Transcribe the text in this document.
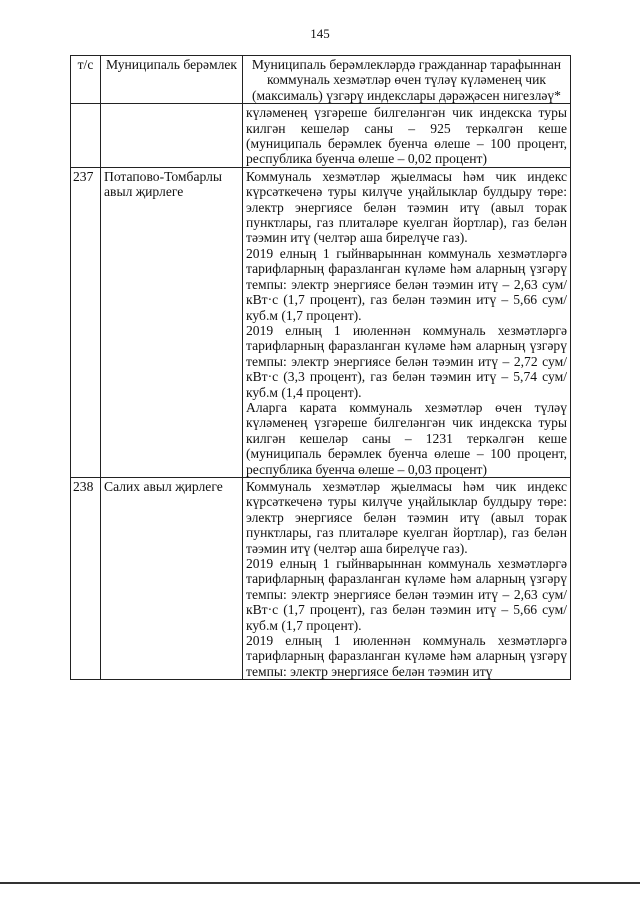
145
т/с	Муниципаль берәмлек	Муниципаль берәмлекләрдә гражданнар тарафыннан коммуналь хезмәтләр өчен түләү күләменең чик (максималь) үзгәрү индекслары дәрәҗәсен нигезләү*

		күләменең үзгәреше билгеләнгән чик индекска туры килгән кешеләр саны – 925 теркәлгән кеше (муниципаль берәмлек буенча өлеше – 100 процент, республика буенча өлеше – 0,02 процент)

237	Потапово-Томбарлы авыл җирлеге	Коммуналь хезмәтләр җыелмасы һәм чик индекс күрсәткеченә туры килүче уңайлыклар булдыру төре: электр энергиясе белән тәэмин итү (авыл торак пунктлары, газ плиталәре куелган йортлар), газ белән тәэмин итү (челтәр аша бирелүче газ).

2019 елның 1 гыйнварыннан коммуналь хезмәтләргә тарифларның фаразланган күләме һәм аларның үзгәрү темпы: электр энергиясе белән тәэмин итү – 2,63 сум/кВт·с (1,7 процент), газ белән тәэмин итү – 5,66 сум/куб.м (1,7 процент).

2019 елның 1 июленнән коммуналь хезмәтләргә тарифларның фаразланган күләме һәм аларның үзгәрү темпы: электр энергиясе белән тәэмин итү – 2,72 сум/кВт·с (3,3 процент), газ белән тәэмин итү – 5,74 сум/куб.м (1,4 процент).

Аларга карата коммуналь хезмәтләр өчен түләү күләменең үзгәреше билгеләнгән чик индекска туры килгән кешеләр саны – 1231 теркәлгән кеше (муниципаль берәмлек буенча өлеше – 100 процент, республика буенча өлеше – 0,03 процент)

238	Салих авыл җирлеге	Коммуналь хезмәтләр җыелмасы һәм чик индекс күрсәткеченә туры килүче уңайлыклар булдыру төре: электр энергиясе белән тәэмин итү (авыл торак пунктлары, газ плиталәре куелган йортлар), газ белән тәэмин итү (челтәр аша бирелүче газ).

2019 елның 1 гыйнварыннан коммуналь хезмәтләргә тарифларның фаразланган күләме һәм аларның үзгәрү темпы: электр энергиясе белән тәэмин итү – 2,63 сум/кВт·с (1,7 процент), газ белән тәэмин итү – 5,66 сум/куб.м (1,7 процент).

2019 елның 1 июленнән коммуналь хезмәтләргә тарифларның фаразланган күләме һәм аларның үзгәрү темпы: электр энергиясе белән тәэмин итү
